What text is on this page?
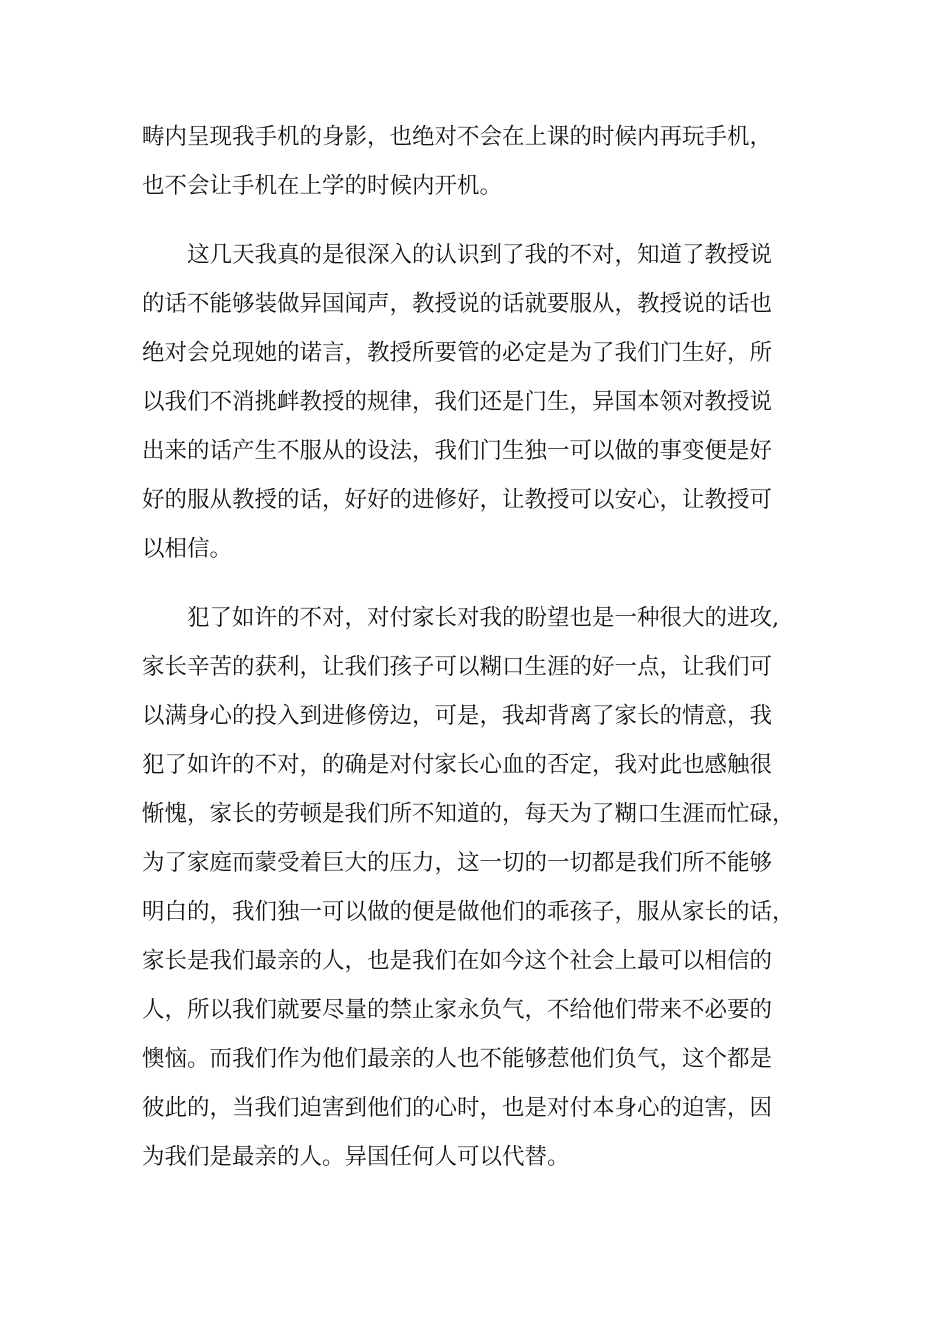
畴内呈现我手机的身影，也绝对不会在上课的时候内再玩手机，
也不会让手机在上学的时候内开机。

　　这几天我真的是很深入的认识到了我的不对，知道了教授说
的话不能够装做异国闻声，教授说的话就要服从，教授说的话也
绝对会兑现她的诺言，教授所要管的必定是为了我们门生好，所
以我们不消挑衅教授的规律，我们还是门生，异国本领对教授说
出来的话产生不服从的设法，我们门生独一可以做的事变便是好
好的服从教授的话，好好的进修好，让教授可以安心，让教授可
以相信。

　　犯了如许的不对，对付家长对我的盼望也是一种很大的进攻,
家长辛苦的获利，让我们孩子可以糊口生涯的好一点，让我们可
以满身心的投入到进修傍边，可是，我却背离了家长的情意，我
犯了如许的不对，的确是对付家长心血的否定，我对此也感触很
惭愧，家长的劳顿是我们所不知道的，每天为了糊口生涯而忙碌，
为了家庭而蒙受着巨大的压力，这一切的一切都是我们所不能够
明白的，我们独一可以做的便是做他们的乖孩子，服从家长的话，
家长是我们最亲的人，也是我们在如今这个社会上最可以相信的
人，所以我们就要尽量的禁止家永负气，不给他们带来不必要的
懊恼。而我们作为他们最亲的人也不能够惹他们负气，这个都是
彼此的，当我们迫害到他们的心时，也是对付本身心的迫害，因
为我们是最亲的人。异国任何人可以代替。
